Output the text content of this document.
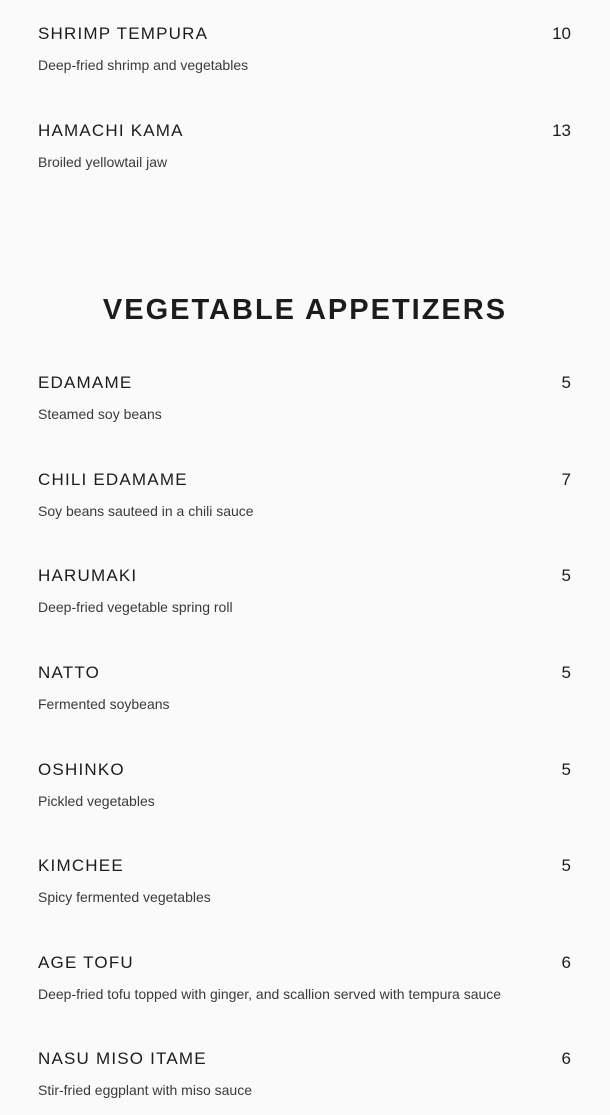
SHRIMP TEMPURA	10
Deep-fried shrimp and vegetables
HAMACHI KAMA	13
Broiled yellowtail jaw
VEGETABLE APPETIZERS
EDAMAME	5
Steamed soy beans
CHILI EDAMAME	7
Soy beans sauteed in a chili sauce
HARUMAKI	5
Deep-fried vegetable spring roll
NATTO	5
Fermented soybeans
OSHINKO	5
Pickled vegetables
KIMCHEE	5
Spicy fermented vegetables
AGE TOFU	6
Deep-fried tofu topped with ginger, and scallion served with tempura sauce
NASU MISO ITAME	6
Stir-fried eggplant with miso sauce
